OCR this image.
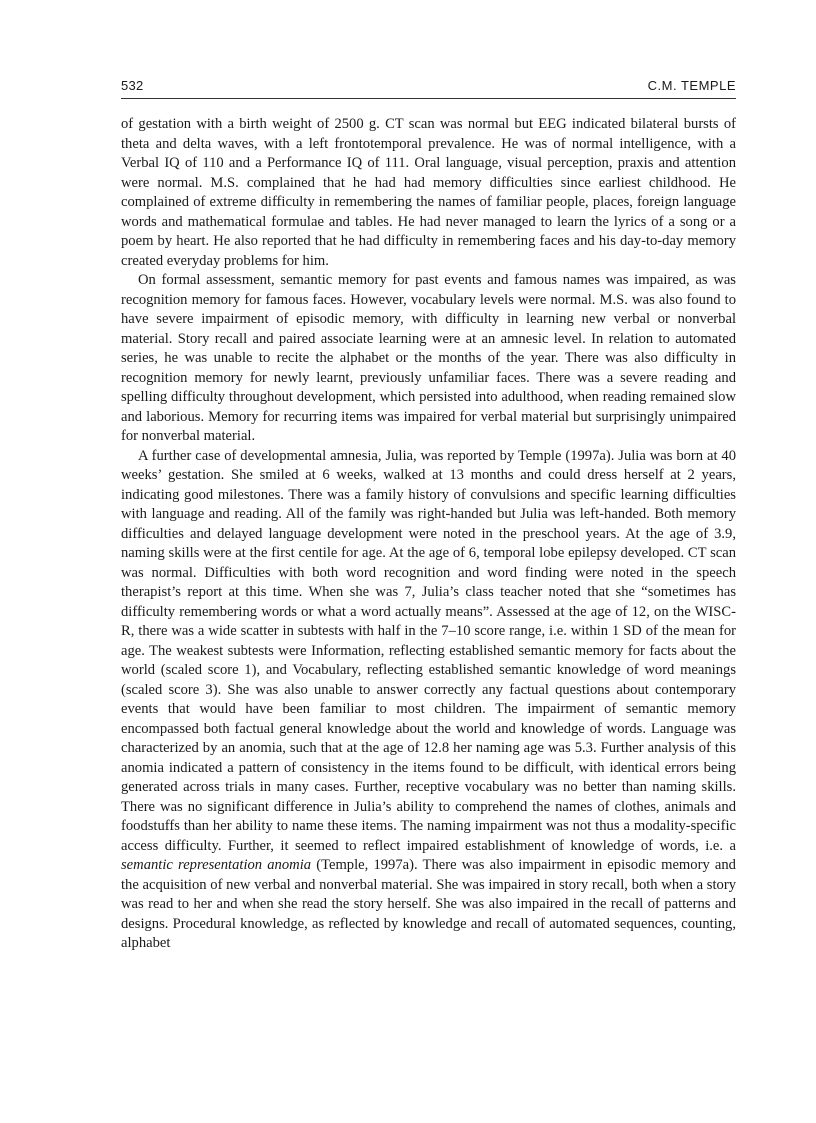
532	C.M. TEMPLE

of gestation with a birth weight of 2500 g. CT scan was normal but EEG indicated bilateral bursts of theta and delta waves, with a left frontotemporal prevalence. He was of normal intelligence, with a Verbal IQ of 110 and a Performance IQ of 111. Oral language, visual perception, praxis and attention were normal. M.S. complained that he had had memory difficulties since earliest childhood. He complained of extreme difficulty in remembering the names of familiar people, places, foreign language words and mathematical formulae and tables. He had never managed to learn the lyrics of a song or a poem by heart. He also reported that he had difficulty in remembering faces and his day-to-day memory created everyday problems for him.

On formal assessment, semantic memory for past events and famous names was impaired, as was recognition memory for famous faces. However, vocabulary levels were normal. M.S. was also found to have severe impairment of episodic memory, with difficulty in learning new verbal or nonverbal material. Story recall and paired associate learning were at an amnesic level. In relation to automated series, he was unable to recite the alphabet or the months of the year. There was also difficulty in recognition memory for newly learnt, previously unfamiliar faces. There was a severe reading and spelling difficulty throughout development, which persisted into adulthood, when reading remained slow and laborious. Memory for recurring items was impaired for verbal material but surprisingly unimpaired for nonverbal material.

A further case of developmental amnesia, Julia, was reported by Temple (1997a). Julia was born at 40 weeks’ gestation. She smiled at 6 weeks, walked at 13 months and could dress herself at 2 years, indicating good milestones. There was a family history of convulsions and specific learning difficulties with language and reading. All of the family was right-handed but Julia was left-handed. Both memory difficulties and delayed language development were noted in the preschool years. At the age of 3.9, naming skills were at the first centile for age. At the age of 6, temporal lobe epilepsy developed. CT scan was normal. Difficulties with both word recognition and word finding were noted in the speech therapist’s report at this time. When she was 7, Julia’s class teacher noted that she “sometimes has difficulty remembering words or what a word actually means”. Assessed at the age of 12, on the WISC-R, there was a wide scatter in subtests with half in the 7–10 score range, i.e. within 1 SD of the mean for age. The weakest subtests were Information, reflecting established semantic memory for facts about the world (scaled score 1), and Vocabulary, reflecting established semantic knowledge of word meanings (scaled score 3). She was also unable to answer correctly any factual questions about contemporary events that would have been familiar to most children. The impairment of semantic memory encompassed both factual general knowledge about the world and knowledge of words. Language was characterized by an anomia, such that at the age of 12.8 her naming age was 5.3. Further analysis of this anomia indicated a pattern of consistency in the items found to be difficult, with identical errors being generated across trials in many cases. Further, receptive vocabulary was no better than naming skills. There was no significant difference in Julia’s ability to comprehend the names of clothes, animals and foodstuffs than her ability to name these items. The naming impairment was not thus a modality-specific access difficulty. Further, it seemed to reflect impaired establishment of knowledge of words, i.e. a semantic representation anomia (Temple, 1997a). There was also impairment in episodic memory and the acquisition of new verbal and nonverbal material. She was impaired in story recall, both when a story was read to her and when she read the story herself. She was also impaired in the recall of patterns and designs. Procedural knowledge, as reflected by knowledge and recall of automated sequences, counting, alphabet
